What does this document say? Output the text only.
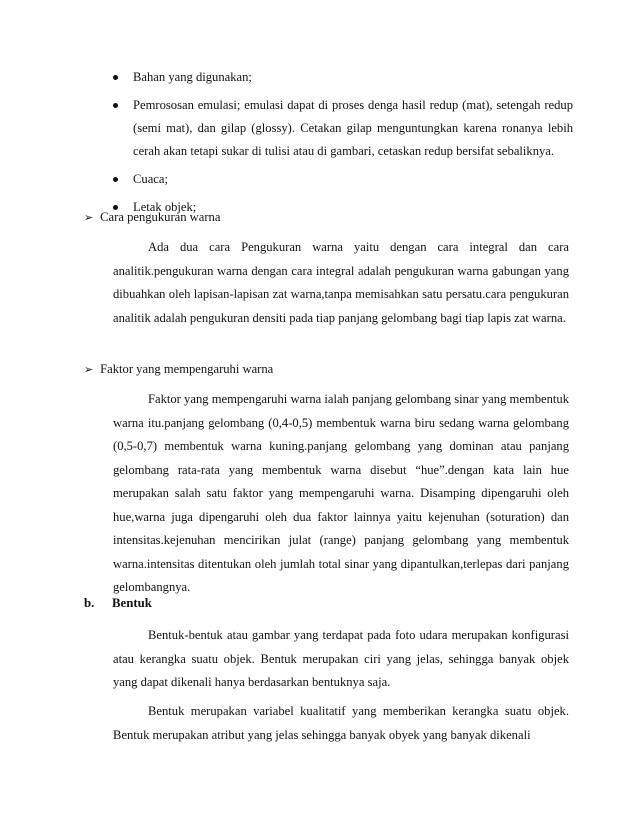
Bahan yang digunakan;
Pemrososan emulasi; emulasi dapat di proses denga hasil redup (mat), setengah redup (semi mat), dan gilap (glossy). Cetakan gilap menguntungkan karena ronanya lebih cerah akan tetapi sukar di tulisi atau di gambari, cetaskan redup bersifat sebaliknya.
Cuaca;
Letak objek;
➢ Cara pengukuran warna

Ada dua cara Pengukuran warna yaitu dengan cara integral dan cara analitik.pengukuran warna dengan cara integral adalah pengukuran warna gabungan yang dibuahkan oleh lapisan-lapisan zat warna,tanpa memisahkan satu persatu.cara pengukuran analitik adalah pengukuran densiti pada tiap panjang gelombang bagi tiap lapis zat warna.

➢ Faktor yang mempengaruhi warna

Faktor yang mempengaruhi warna ialah panjang gelombang sinar yang membentuk warna itu.panjang gelombang (0,4-0,5) membentuk warna biru sedang warna gelombang (0,5-0,7) membentuk warna kuning.panjang gelombang yang dominan atau panjang gelombang rata-rata yang membentuk warna disebut “hue”.dengan kata lain hue merupakan salah satu faktor yang mempengaruhi warna. Disamping dipengaruhi oleh hue,warna juga dipengaruhi oleh dua faktor lainnya yaitu kejenuhan (soturation) dan intensitas.kejenuhan mencirikan julat (range) panjang gelombang yang membentuk warna.intensitas ditentukan oleh jumlah total sinar yang dipantulkan,terlepas dari panjang gelombangnya.

b. Bentuk

Bentuk-bentuk atau gambar yang terdapat pada foto udara merupakan konfigurasi atau kerangka suatu objek. Bentuk merupakan ciri yang jelas, sehingga banyak objek yang dapat dikenali hanya berdasarkan bentuknya saja.

Bentuk merupakan variabel kualitatif yang memberikan kerangka suatu objek. Bentuk merupakan atribut yang jelas sehingga banyak obyek yang banyak dikenali
